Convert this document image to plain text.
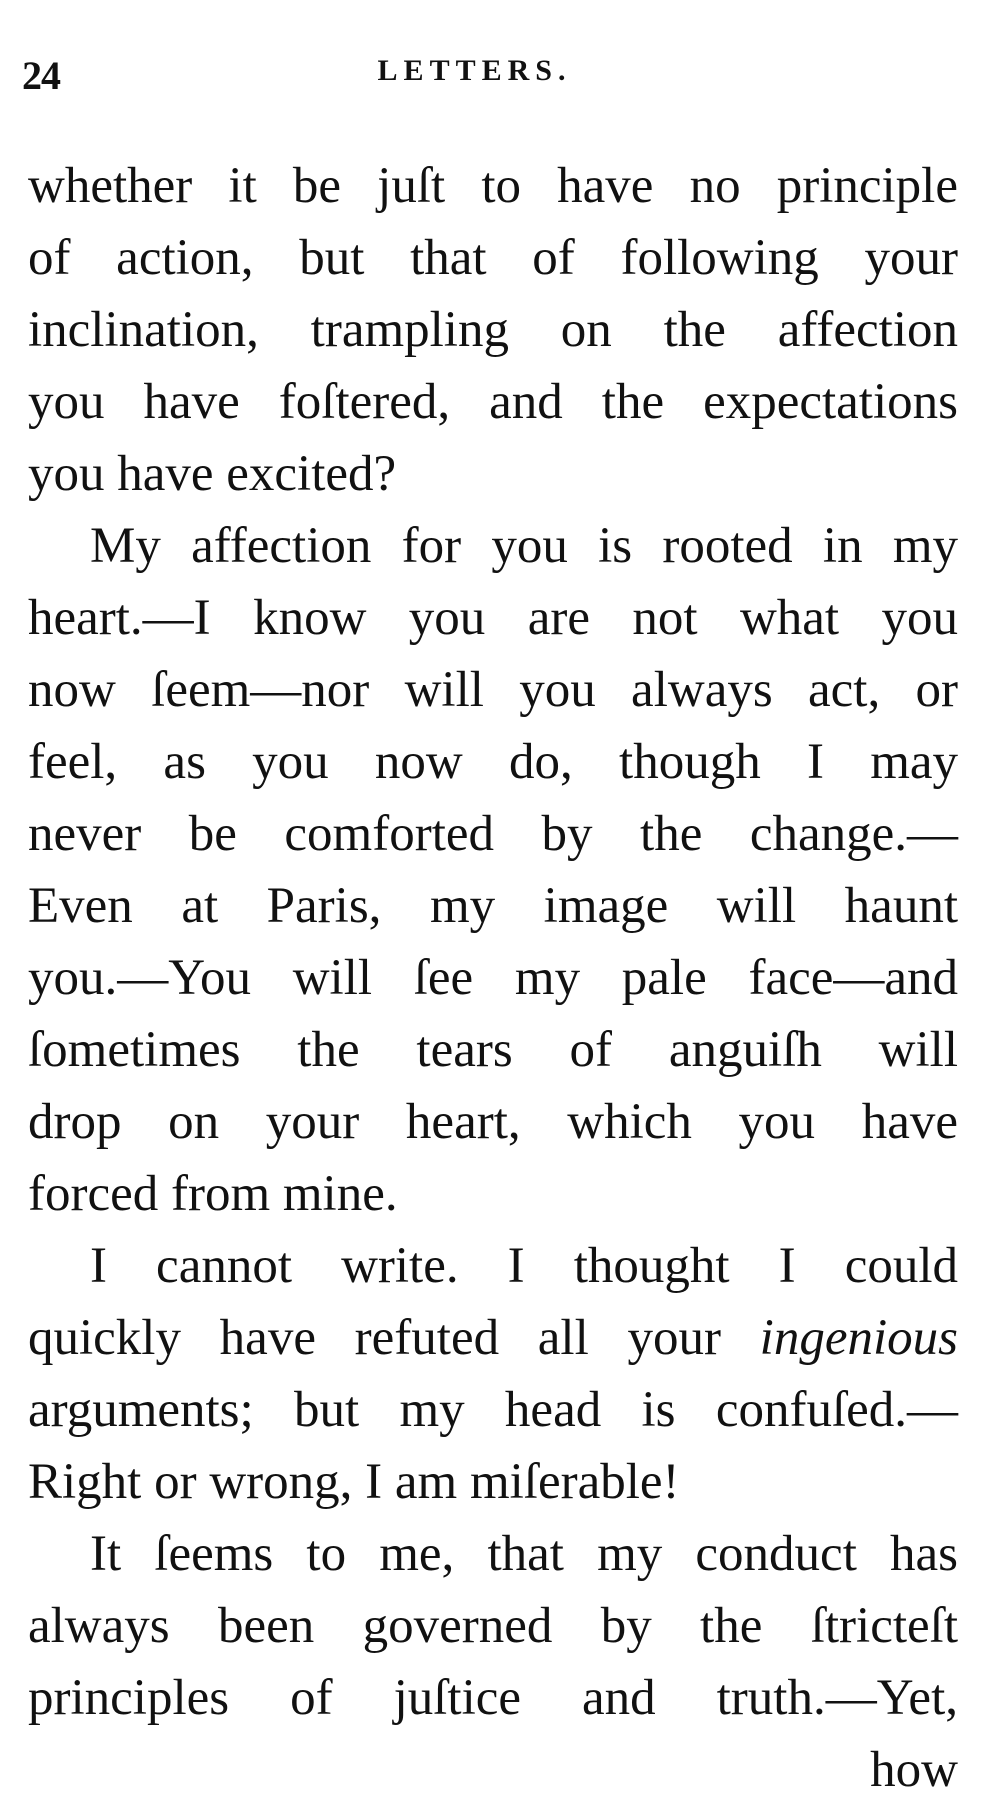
24	LETTERS.
whether it be juſt to have no principle
of action, but that of following your
inclination, trampling on the affection
you have foſtered, and the expectations
you have excited?
My affection for you is rooted in my
heart.—I know you are not what you
now ſeem—nor will you always act, or
feel, as you now do, though I may
never be comforted by the change.—
Even at Paris, my image will haunt
you.—You will ſee my pale face—and
ſometimes the tears of anguiſh will
drop on your heart, which you have
forced from mine.
I cannot write. I thought I could
quickly have refuted all your ingenious
arguments; but my head is confuſed.—
Right or wrong, I am miſerable!
It ſeems to me, that my conduct has
always been governed by the ſtricteſt
principles of juſtice and truth.—Yet,
how
